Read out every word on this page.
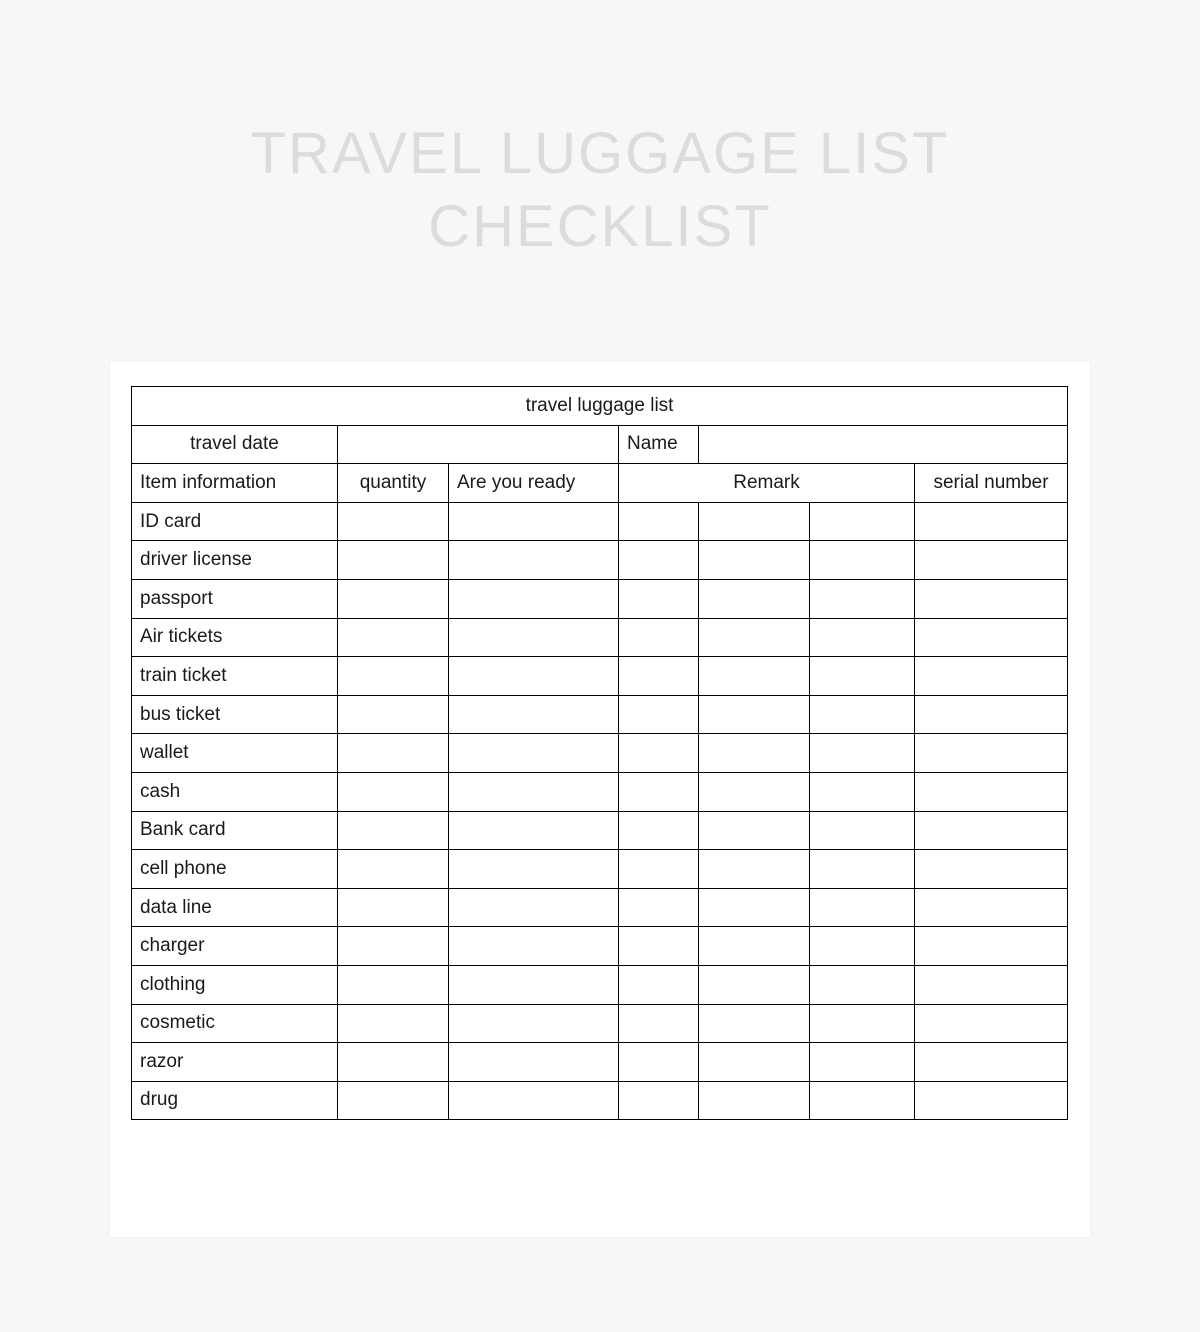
TRAVEL LUGGAGE LIST
CHECKLIST
travel luggage list						
travel date			Name			
Item information	quantity	Are you ready	Remark			serial number
ID card						
driver license						
passport						
Air tickets						
train ticket						
bus ticket						
wallet						
cash						
Bank card						
cell phone						
data line						
charger						
clothing						
cosmetic						
razor						
drug						
